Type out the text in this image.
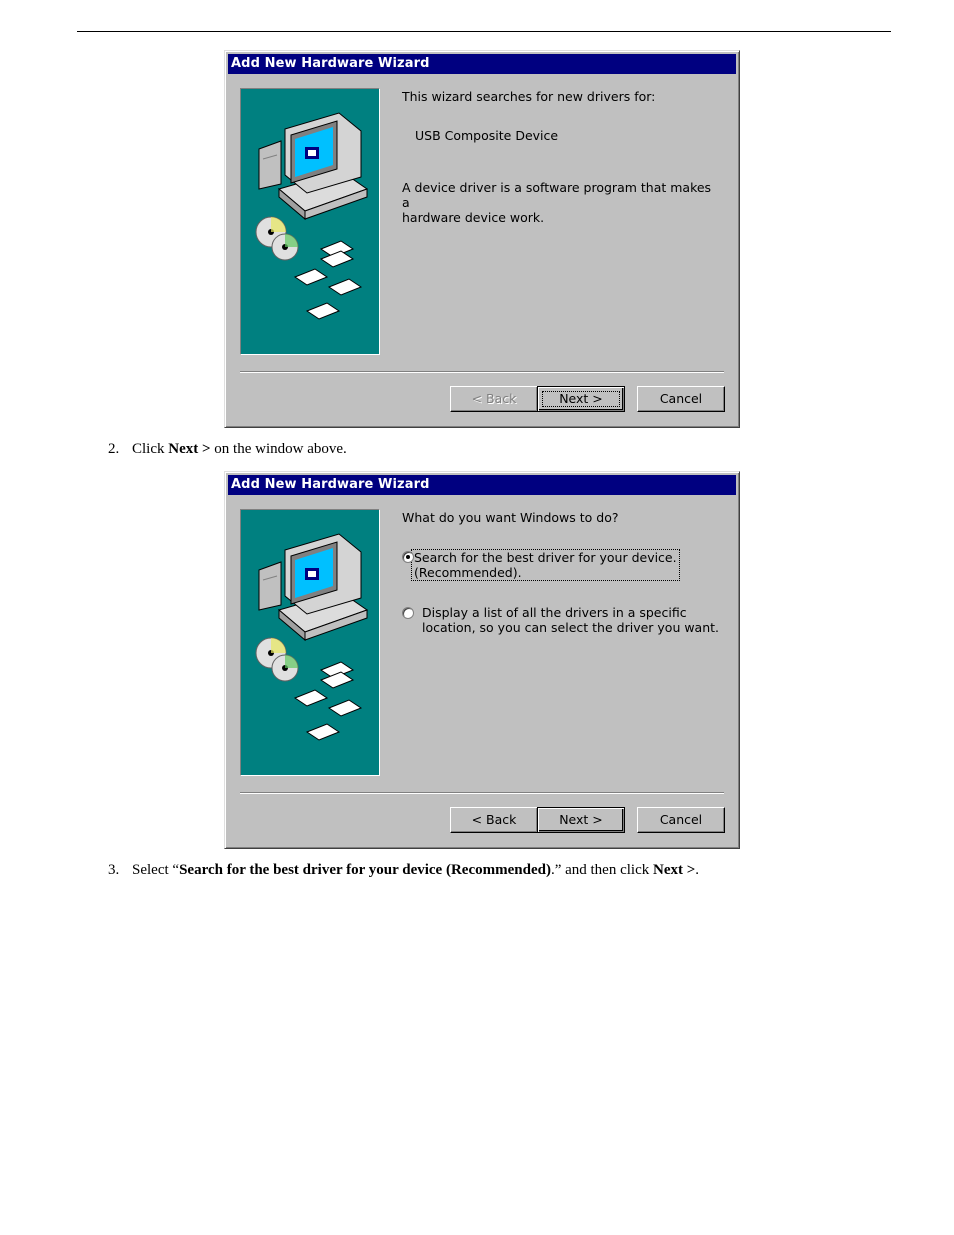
Add New Hardware Wizard
This wizard searches for new drivers for:
USB Composite Device
A device driver is a software program that makes a
hardware device work.
< Back	Next >	Cancel
2. Click Next > on the window above.
Add New Hardware Wizard
What do you want Windows to do?
Search for the best driver for your device.
(Recommended).
Display a list of all the drivers in a specific
location, so you can select the driver you want.
< Back	Next >	Cancel
3. Select “Search for the best driver for your device (Recommended).” and then click Next >.
